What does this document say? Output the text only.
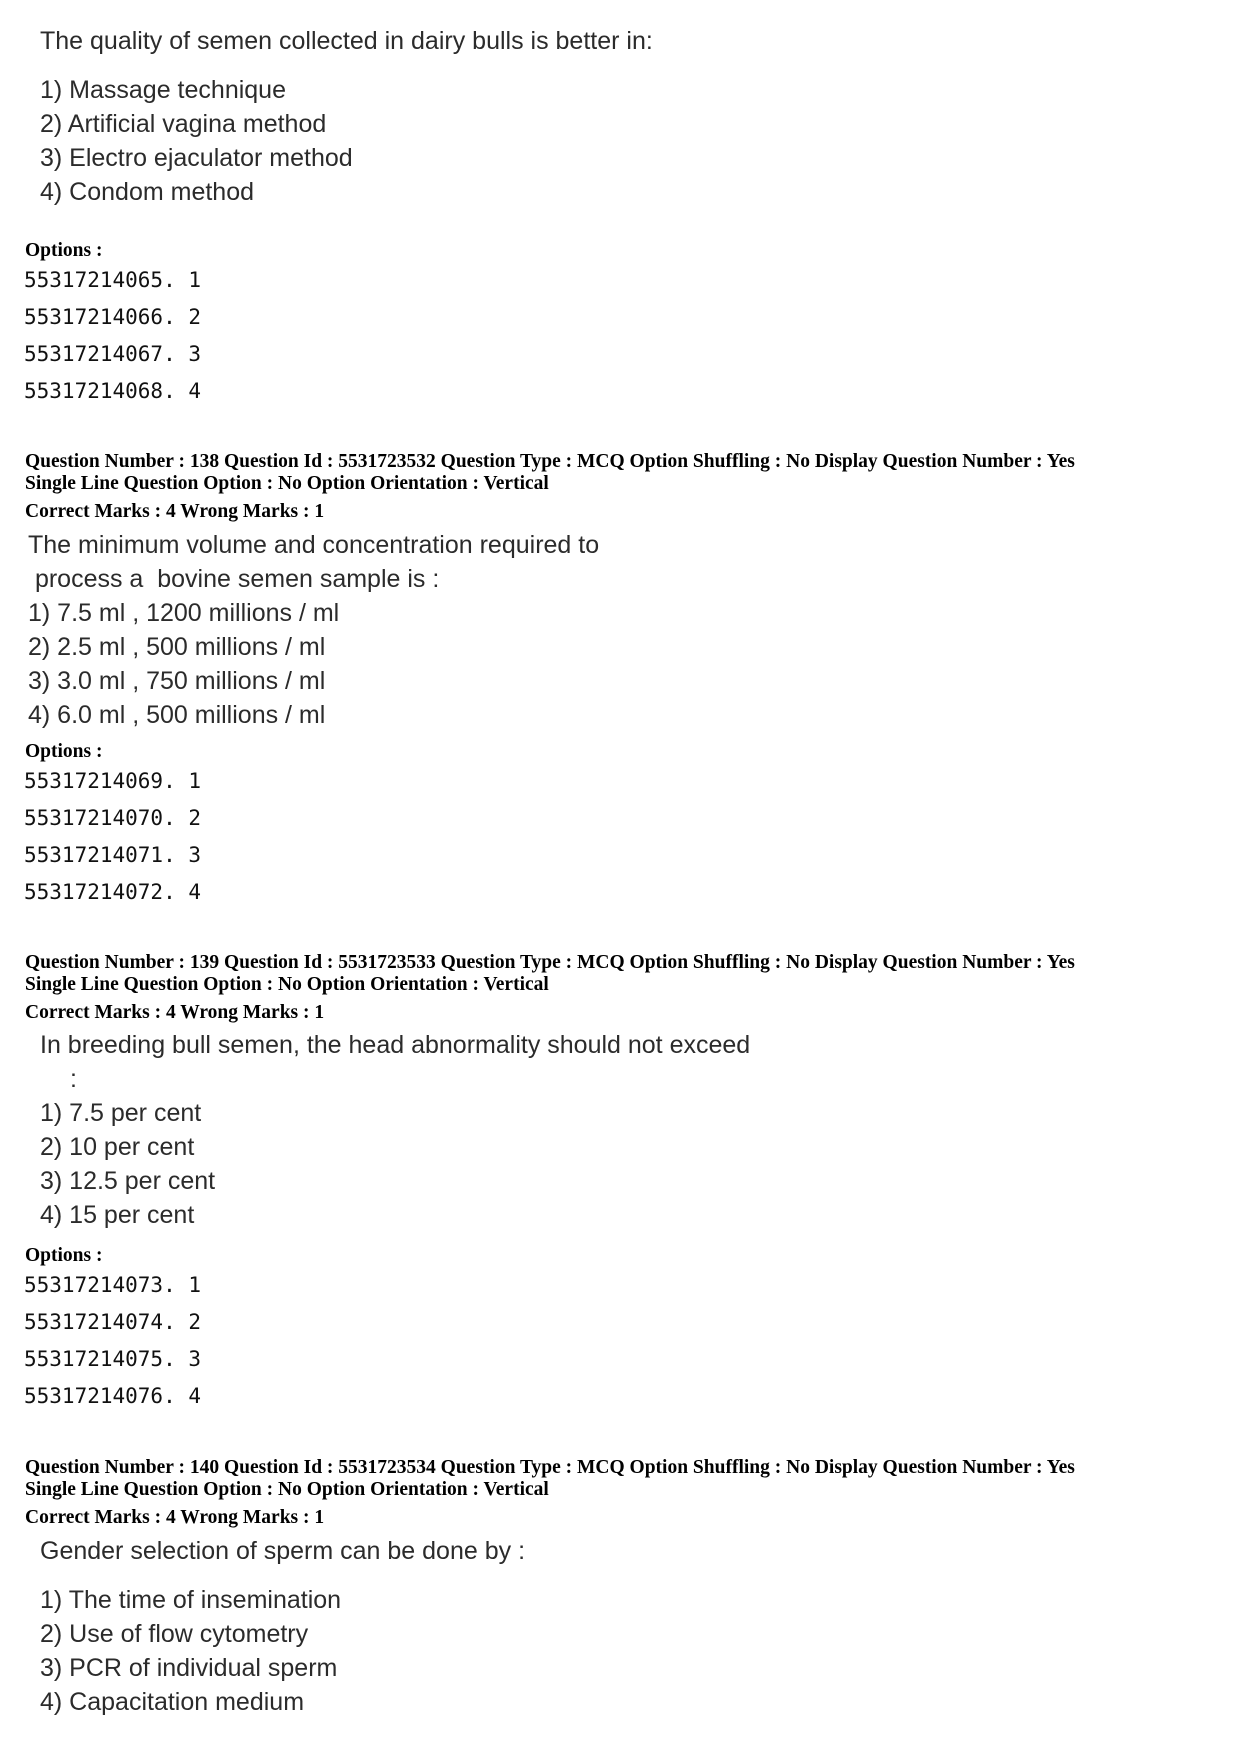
The quality of semen collected in dairy bulls is better in:
1) Massage technique
2) Artificial vagina method
3) Electro ejaculator method
4) Condom method
Options :
55317214065. 1
55317214066. 2
55317214067. 3
55317214068. 4
Question Number : 138 Question Id : 5531723532 Question Type : MCQ Option Shuffling : No Display Question Number : Yes
Single Line Question Option : No Option Orientation : Vertical
Correct Marks : 4 Wrong Marks : 1
The minimum volume and concentration required to
process a  bovine semen sample is :
1) 7.5 ml , 1200 millions / ml
2) 2.5 ml , 500 millions / ml
3) 3.0 ml , 750 millions / ml
4) 6.0 ml , 500 millions / ml
Options :
55317214069. 1
55317214070. 2
55317214071. 3
55317214072. 4
Question Number : 139 Question Id : 5531723533 Question Type : MCQ Option Shuffling : No Display Question Number : Yes
Single Line Question Option : No Option Orientation : Vertical
Correct Marks : 4 Wrong Marks : 1
In breeding bull semen, the head abnormality should not exceed
:
1) 7.5 per cent
2) 10 per cent
3) 12.5 per cent
4) 15 per cent
Options :
55317214073. 1
55317214074. 2
55317214075. 3
55317214076. 4
Question Number : 140 Question Id : 5531723534 Question Type : MCQ Option Shuffling : No Display Question Number : Yes
Single Line Question Option : No Option Orientation : Vertical
Correct Marks : 4 Wrong Marks : 1
Gender selection of sperm can be done by :
1) The time of insemination
2) Use of flow cytometry
3) PCR of individual sperm
4) Capacitation medium
